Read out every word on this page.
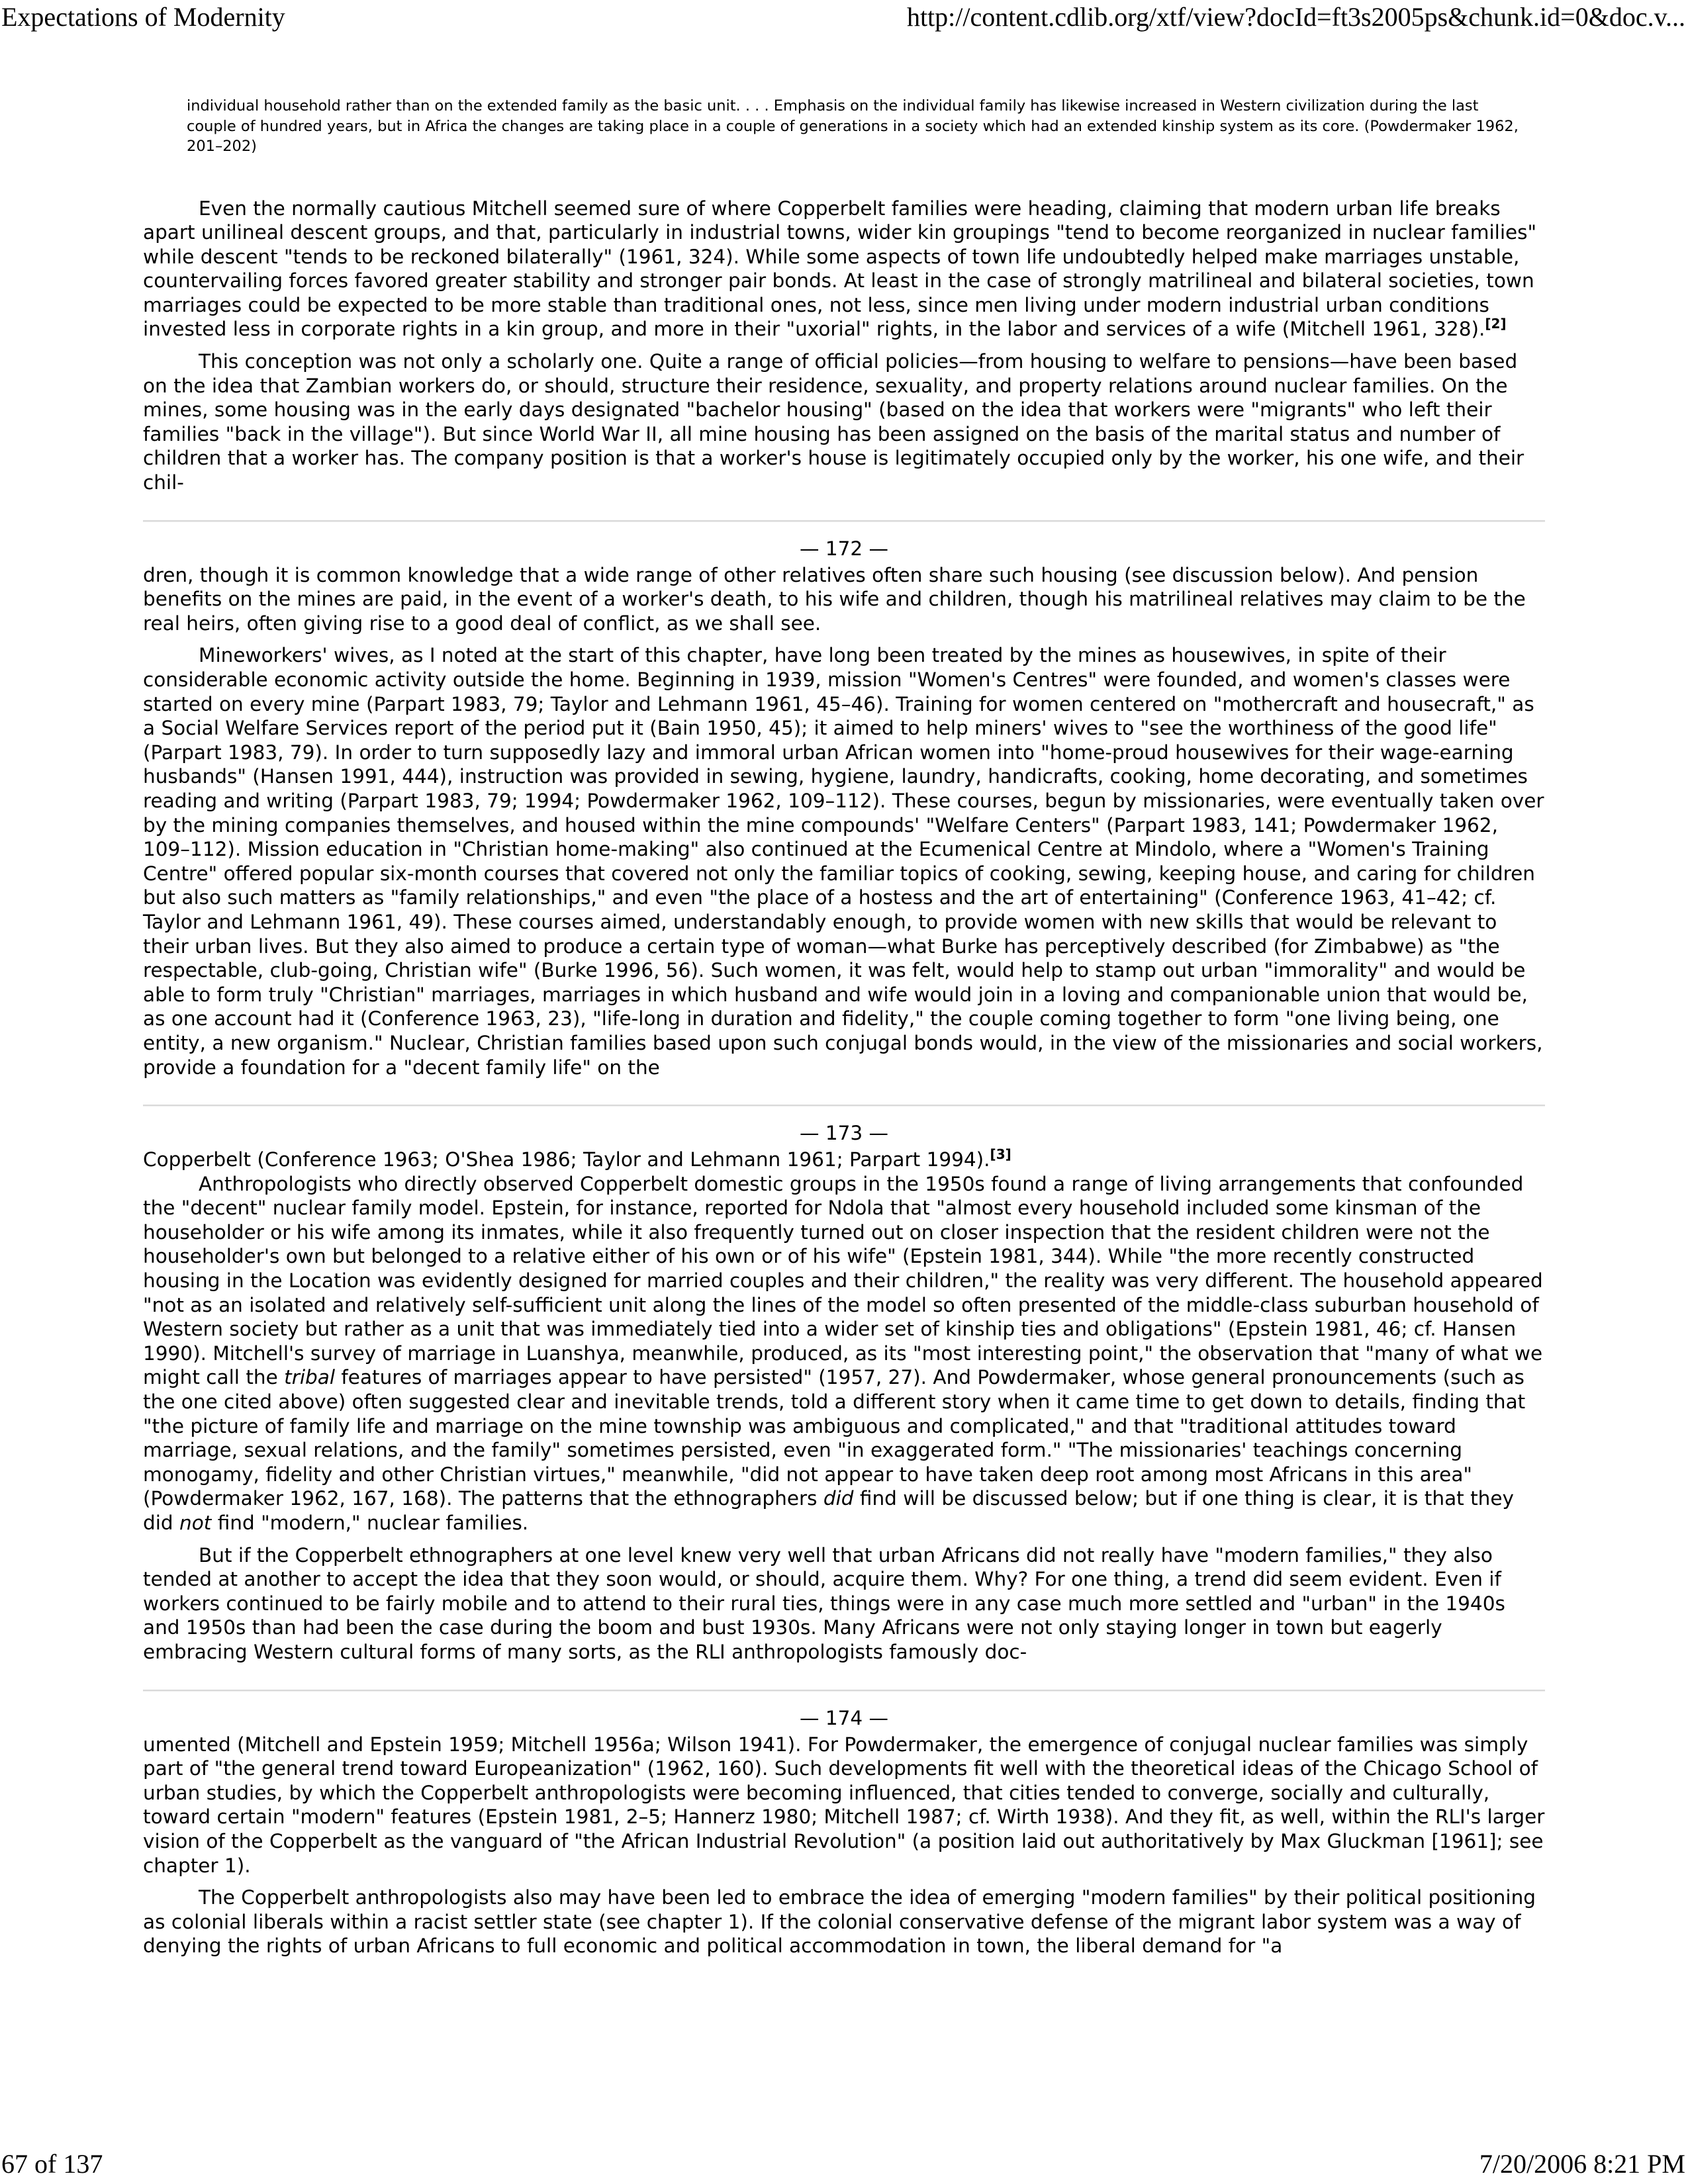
Expectations of Modernity	http://content.cdlib.org/xtf/view?docId=ft3s2005ps&chunk.id=0&doc.v...

individual household rather than on the extended family as the basic unit. . . . Emphasis on the individual family has likewise increased in Western civilization during the last couple of hundred years, but in Africa the changes are taking place in a couple of generations in a society which had an extended kinship system as its core. (Powdermaker 1962, 201–202)

Even the normally cautious Mitchell seemed sure of where Copperbelt families were heading, claiming that modern urban life breaks apart unilineal descent groups, and that, particularly in industrial towns, wider kin groupings "tend to become reorganized in nuclear families" while descent "tends to be reckoned bilaterally" (1961, 324). While some aspects of town life undoubtedly helped make marriages unstable, countervailing forces favored greater stability and stronger pair bonds. At least in the case of strongly matrilineal and bilateral societies, town marriages could be expected to be more stable than traditional ones, not less, since men living under modern industrial urban conditions invested less in corporate rights in a kin group, and more in their "uxorial" rights, in the labor and services of a wife (Mitchell 1961, 328).[2]

This conception was not only a scholarly one. Quite a range of official policies—from housing to welfare to pensions—have been based on the idea that Zambian workers do, or should, structure their residence, sexuality, and property relations around nuclear families. On the mines, some housing was in the early days designated "bachelor housing" (based on the idea that workers were "migrants" who left their families "back in the village"). But since World War II, all mine housing has been assigned on the basis of the marital status and number of children that a worker has. The company position is that a worker's house is legitimately occupied only by the worker, his one wife, and their chil-

— 172 —

dren, though it is common knowledge that a wide range of other relatives often share such housing (see discussion below). And pension benefits on the mines are paid, in the event of a worker's death, to his wife and children, though his matrilineal relatives may claim to be the real heirs, often giving rise to a good deal of conflict, as we shall see.

Mineworkers' wives, as I noted at the start of this chapter, have long been treated by the mines as housewives, in spite of their considerable economic activity outside the home. Beginning in 1939, mission "Women's Centres" were founded, and women's classes were started on every mine (Parpart 1983, 79; Taylor and Lehmann 1961, 45–46). Training for women centered on "mothercraft and housecraft," as a Social Welfare Services report of the period put it (Bain 1950, 45); it aimed to help miners' wives to "see the worthiness of the good life" (Parpart 1983, 79). In order to turn supposedly lazy and immoral urban African women into "home-proud housewives for their wage-earning husbands" (Hansen 1991, 444), instruction was provided in sewing, hygiene, laundry, handicrafts, cooking, home decorating, and sometimes reading and writing (Parpart 1983, 79; 1994; Powdermaker 1962, 109–112). These courses, begun by missionaries, were eventually taken over by the mining companies themselves, and housed within the mine compounds' "Welfare Centers" (Parpart 1983, 141; Powdermaker 1962, 109–112). Mission education in "Christian home-making" also continued at the Ecumenical Centre at Mindolo, where a "Women's Training Centre" offered popular six-month courses that covered not only the familiar topics of cooking, sewing, keeping house, and caring for children but also such matters as "family relationships," and even "the place of a hostess and the art of entertaining" (Conference 1963, 41–42; cf. Taylor and Lehmann 1961, 49). These courses aimed, understandably enough, to provide women with new skills that would be relevant to their urban lives. But they also aimed to produce a certain type of woman—what Burke has perceptively described (for Zimbabwe) as "the respectable, club-going, Christian wife" (Burke 1996, 56). Such women, it was felt, would help to stamp out urban "immorality" and would be able to form truly "Christian" marriages, marriages in which husband and wife would join in a loving and companionable union that would be, as one account had it (Conference 1963, 23), "life-long in duration and fidelity," the couple coming together to form "one living being, one entity, a new organism." Nuclear, Christian families based upon such conjugal bonds would, in the view of the missionaries and social workers, provide a foundation for a "decent family life" on the

— 173 —

Copperbelt (Conference 1963; O'Shea 1986; Taylor and Lehmann 1961; Parpart 1994).[3]

Anthropologists who directly observed Copperbelt domestic groups in the 1950s found a range of living arrangements that confounded the "decent" nuclear family model. Epstein, for instance, reported for Ndola that "almost every household included some kinsman of the householder or his wife among its inmates, while it also frequently turned out on closer inspection that the resident children were not the householder's own but belonged to a relative either of his own or of his wife" (Epstein 1981, 344). While "the more recently constructed housing in the Location was evidently designed for married couples and their children," the reality was very different. The household appeared "not as an isolated and relatively self-sufficient unit along the lines of the model so often presented of the middle-class suburban household of Western society but rather as a unit that was immediately tied into a wider set of kinship ties and obligations" (Epstein 1981, 46; cf. Hansen 1990). Mitchell's survey of marriage in Luanshya, meanwhile, produced, as its "most interesting point," the observation that "many of what we might call the tribal features of marriages appear to have persisted" (1957, 27). And Powdermaker, whose general pronouncements (such as the one cited above) often suggested clear and inevitable trends, told a different story when it came time to get down to details, finding that "the picture of family life and marriage on the mine township was ambiguous and complicated," and that "traditional attitudes toward marriage, sexual relations, and the family" sometimes persisted, even "in exaggerated form." "The missionaries' teachings concerning monogamy, fidelity and other Christian virtues," meanwhile, "did not appear to have taken deep root among most Africans in this area" (Powdermaker 1962, 167, 168). The patterns that the ethnographers did find will be discussed below; but if one thing is clear, it is that they did not find "modern," nuclear families.

But if the Copperbelt ethnographers at one level knew very well that urban Africans did not really have "modern families," they also tended at another to accept the idea that they soon would, or should, acquire them. Why? For one thing, a trend did seem evident. Even if workers continued to be fairly mobile and to attend to their rural ties, things were in any case much more settled and "urban" in the 1940s and 1950s than had been the case during the boom and bust 1930s. Many Africans were not only staying longer in town but eagerly embracing Western cultural forms of many sorts, as the RLI anthropologists famously doc-

— 174 —

umented (Mitchell and Epstein 1959; Mitchell 1956a; Wilson 1941). For Powdermaker, the emergence of conjugal nuclear families was simply part of "the general trend toward Europeanization" (1962, 160). Such developments fit well with the theoretical ideas of the Chicago School of urban studies, by which the Copperbelt anthropologists were becoming influenced, that cities tended to converge, socially and culturally, toward certain "modern" features (Epstein 1981, 2–5; Hannerz 1980; Mitchell 1987; cf. Wirth 1938). And they fit, as well, within the RLI's larger vision of the Copperbelt as the vanguard of "the African Industrial Revolution" (a position laid out authoritatively by Max Gluckman [1961]; see chapter 1).

The Copperbelt anthropologists also may have been led to embrace the idea of emerging "modern families" by their political positioning as colonial liberals within a racist settler state (see chapter 1). If the colonial conservative defense of the migrant labor system was a way of denying the rights of urban Africans to full economic and political accommodation in town, the liberal demand for "a

67 of 137	7/20/2006 8:21 PM
